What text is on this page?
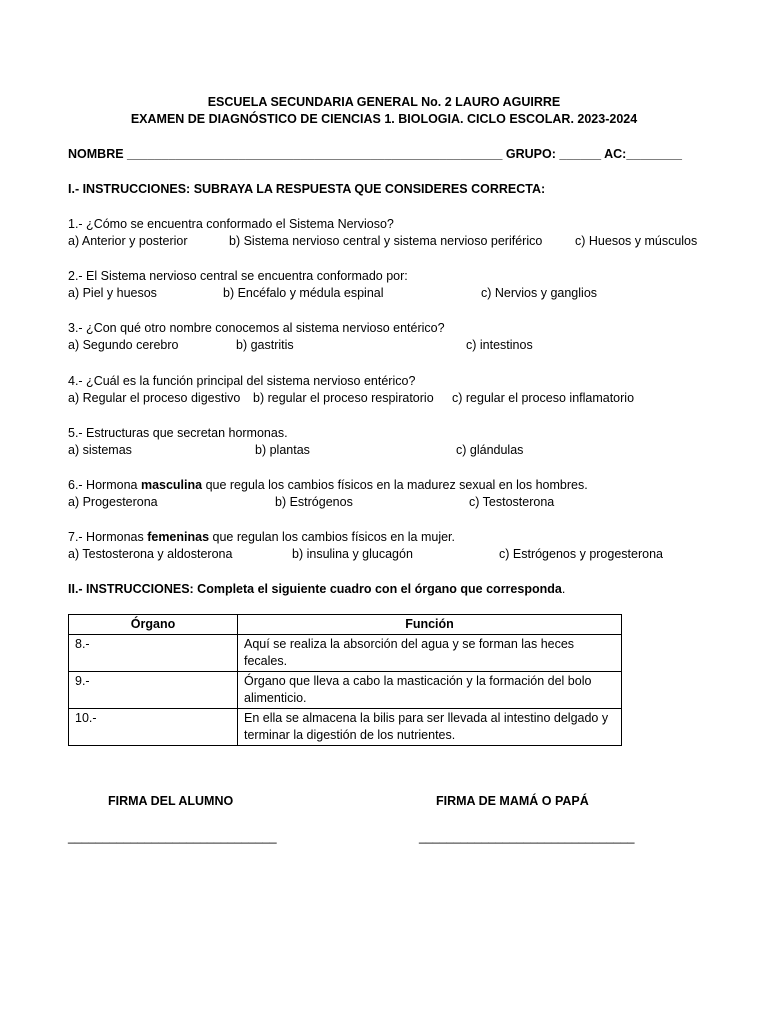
ESCUELA SECUNDARIA GENERAL No. 2 LAURO AGUIRRE
EXAMEN DE DIAGNÓSTICO DE CIENCIAS 1. BIOLOGIA. CICLO ESCOLAR. 2023-2024
NOMBRE ______________________________________________________ GRUPO: ______ AC:________
I.- INSTRUCCIONES: SUBRAYA LA RESPUESTA QUE CONSIDERES CORRECTA:
1.- ¿Cómo se encuentra conformado el Sistema Nervioso?
a) Anterior y posterior	b) Sistema nervioso central y sistema nervioso periférico	c) Huesos y músculos
2.- El Sistema nervioso central se encuentra conformado por:
a) Piel y huesos	b) Encéfalo y médula espinal	c) Nervios y ganglios
3.- ¿Con qué otro nombre conocemos al sistema nervioso entérico?
a) Segundo cerebro	b) gastritis	c) intestinos
4.- ¿Cuál es la función principal del sistema nervioso entérico?
a) Regular el proceso digestivo b) regular el proceso respiratorio c) regular el proceso inflamatorio
5.- Estructuras que secretan hormonas.
a) sistemas	b) plantas	c) glándulas
6.- Hormona masculina que regula los cambios físicos en la madurez sexual en los hombres.
a) Progesterona	b) Estrógenos	c) Testosterona
7.- Hormonas femeninas que regulan los cambios físicos en la mujer.
a) Testosterona y aldosterona	b) insulina y glucagón	c) Estrógenos y progesterona
II.- INSTRUCCIONES: Completa el siguiente cuadro con el órgano que corresponda.
Órgano	Función
8.-	Aquí se realiza la absorción del agua y se forman las heces fecales.
9.-	Órgano que lleva a cabo la masticación y la formación del bolo alimenticio.
10.-	En ella se almacena la bilis para ser llevada al intestino delgado y terminar la digestión de los nutrientes.
FIRMA DEL ALUMNO	FIRMA DE MAMÁ O PAPÁ
______________________________	_______________________________
